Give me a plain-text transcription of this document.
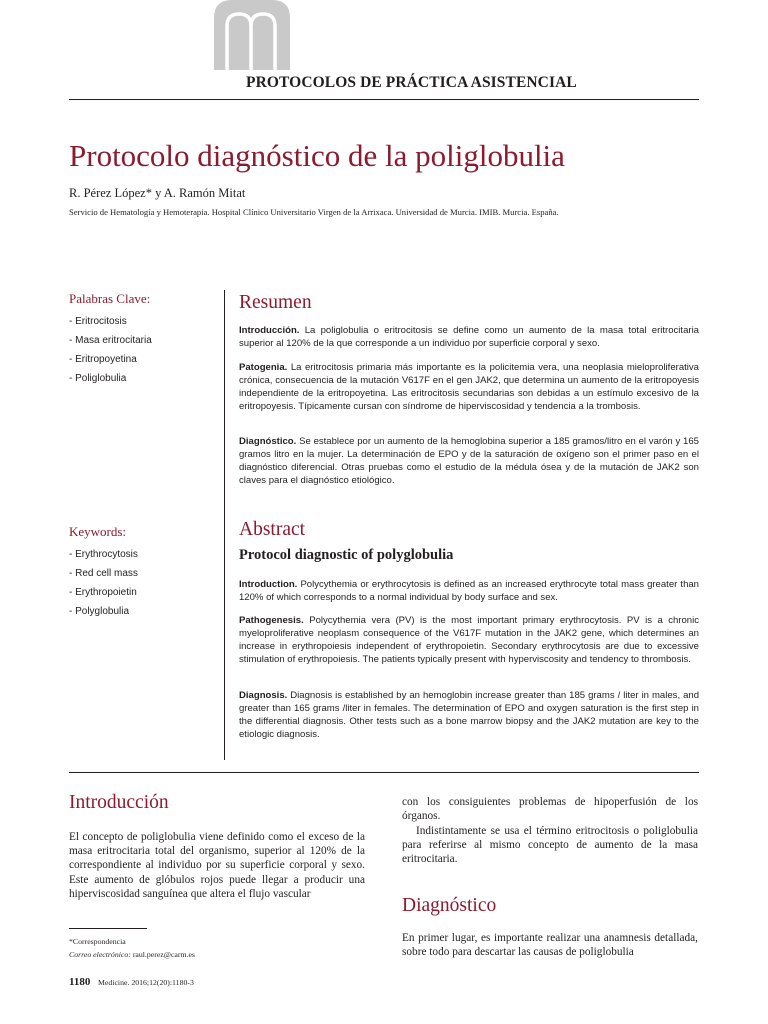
PROTOCOLOS DE PRÁCTICA ASISTENCIAL
Protocolo diagnóstico de la poliglobulia
R. Pérez López* y A. Ramón Mitat
Servicio de Hematología y Hemoterapia. Hospital Clínico Universitario Virgen de la Arrixaca. Universidad de Murcia. IMIB. Murcia. España.
Palabras Clave:
- Eritrocitosis
- Masa eritrocitaria
- Eritropoyetina
- Poliglobulia
Keywords:
- Erythrocytosis
- Red cell mass
- Erythropoietin
- Polyglobulia
Resumen

Introducción. La poliglobulia o eritrocitosis se define como un aumento de la masa total eritrocitaria superior al 120% de la que corresponde a un individuo por superficie corporal y sexo.

Patogenia. La eritrocitosis primaria más importante es la policitemia vera, una neoplasia mieloproliferativa crónica, consecuencia de la mutación V617F en el gen JAK2, que determina un aumento de la eritropoyesis independiente de la eritropoyetina. Las eritrocitosis secundarias son debidas a un estímulo excesivo de la eritropoyesis. Típicamente cursan con síndrome de hiperviscosidad y tendencia a la trombosis.

Diagnóstico. Se establece por un aumento de la hemoglobina superior a 185 gramos/litro en el varón y 165 gramos litro en la mujer. La determinación de EPO y de la saturación de oxígeno son el primer paso en el diagnóstico diferencial. Otras pruebas como el estudio de la médula ósea y de la mutación de JAK2 son claves para el diagnóstico etiológico.

Abstract
Protocol diagnostic of polyglobulia

Introduction. Polycythemia or erythrocytosis is defined as an increased erythrocyte total mass greater than 120% of which corresponds to a normal individual by body surface and sex.

Pathogenesis. Polycythemia vera (PV) is the most important primary erythrocytosis. PV is a chronic myeloproliferative neoplasm consequence of the V617F mutation in the JAK2 gene, which determines an increase in erythropoiesis independent of erythropoietin. Secondary erythrocytosis are due to excessive stimulation of erythropoiesis. The patients typically present with hyperviscosity and tendency to thrombosis.

Diagnosis. Diagnosis is established by an hemoglobin increase greater than 185 grams / liter in males, and greater than 165 grams /liter in females. The determination of EPO and oxygen saturation is the first step in the differential diagnosis. Other tests such as a bone marrow biopsy and the JAK2 mutation are key to the etiologic diagnosis.

Introducción

El concepto de poliglobulia viene definido como el exceso de la masa eritrocitaria total del organismo, superior al 120% de la correspondiente al individuo por su superficie corporal y sexo. Este aumento de glóbulos rojos puede llegar a producir una hiperviscosidad sanguínea que altera el flujo vascular

con los consiguientes problemas de hipoperfusión de los órganos.

Indistintamente se usa el término eritrocitosis o poliglobulia para referirse al mismo concepto de aumento de la masa eritrocitaria.

Diagnóstico

En primer lugar, es importante realizar una anamnesis detallada, sobre todo para descartar las causas de poliglobulia

*Correspondencia
Correo electrónico: raul.perez@carm.es
1180 Medicine. 2016;12(20):1180-3
